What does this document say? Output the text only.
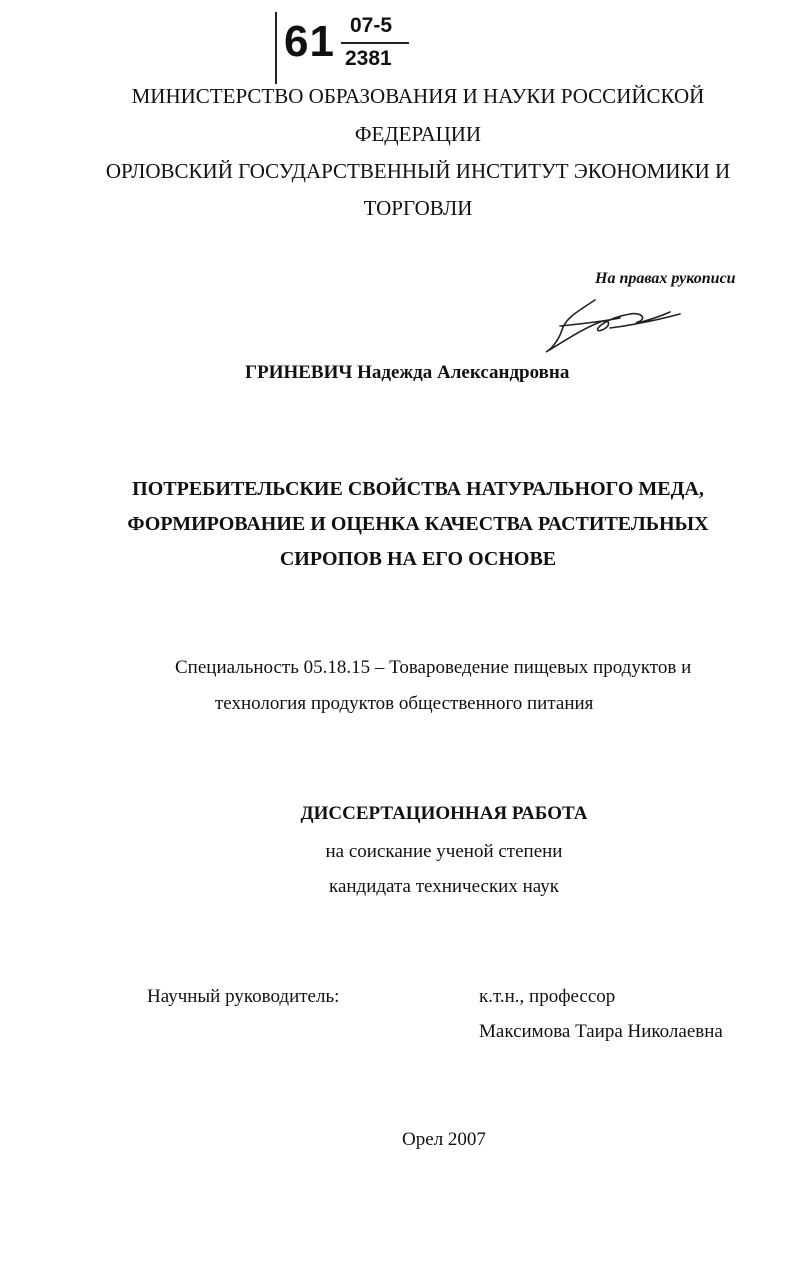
61 07-5
2381
МИНИСТЕРСТВО ОБРАЗОВАНИЯ И НАУКИ РОССИЙСКОЙ
ФЕДЕРАЦИИ
ОРЛОВСКИЙ ГОСУДАРСТВЕННЫЙ ИНСТИТУТ ЭКОНОМИКИ И
ТОРГОВЛИ
На правах рукописи
ГРИНЕВИЧ Надежда Александровна
ПОТРЕБИТЕЛЬСКИЕ СВОЙСТВА НАТУРАЛЬНОГО МЕДА,
ФОРМИРОВАНИЕ И ОЦЕНКА КАЧЕСТВА РАСТИТЕЛЬНЫХ
СИРОПОВ НА ЕГО ОСНОВЕ
Специальность 05.18.15 – Товароведение пищевых продуктов и
технология продуктов общественного питания
ДИССЕРТАЦИОННАЯ РАБОТА
на соискание ученой степени
кандидата технических наук
Научный руководитель:	к.т.н., профессор
Максимова Таира Николаевна
Орел 2007
